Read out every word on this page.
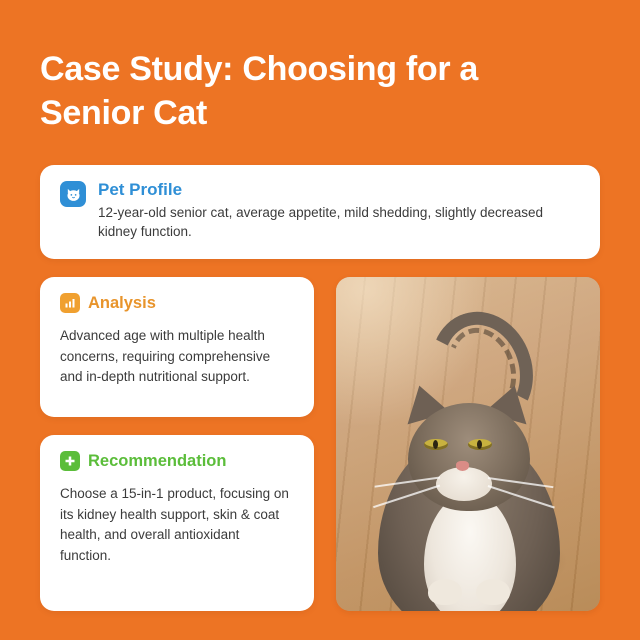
Case Study: Choosing for a Senior Cat
Pet Profile
12-year-old senior cat, average appetite, mild shedding, slightly decreased kidney function.
Analysis
Advanced age with multiple health concerns, requiring comprehensive and in-depth nutritional support.
Recommendation
Choose a 15-in-1 product, focusing on its kidney health support, skin & coat health, and overall antioxidant function.
